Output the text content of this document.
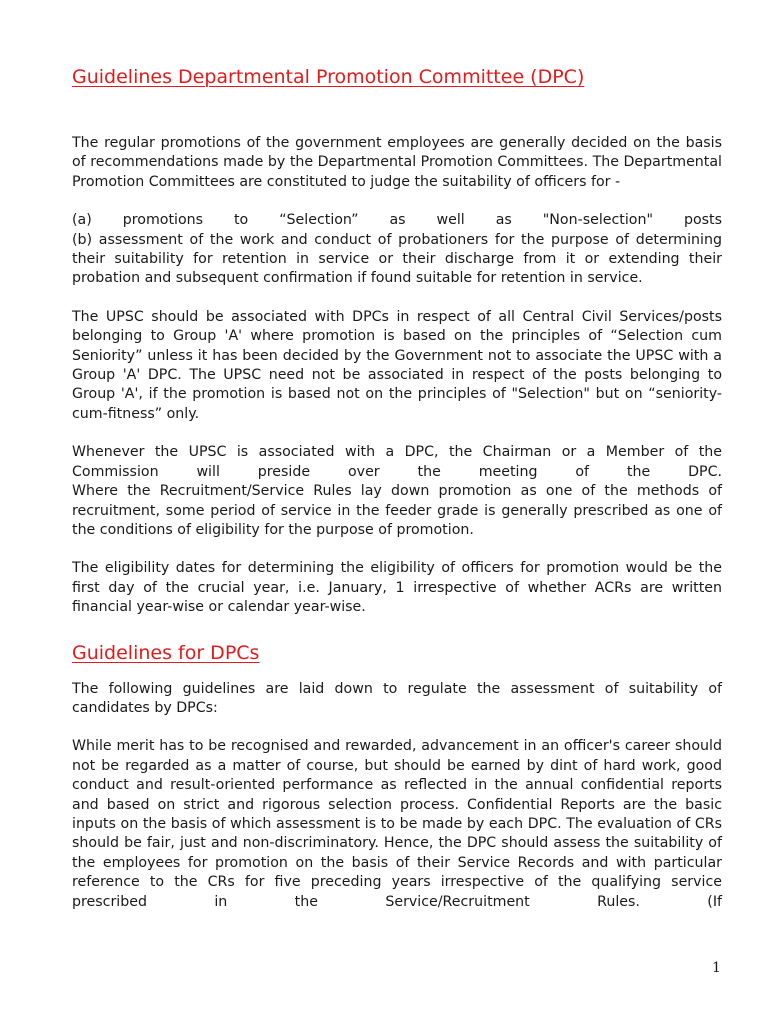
Guidelines Departmental Promotion Committee (DPC)

The regular promotions of the government employees are generally decided on the basis of recommendations made by the Departmental Promotion Committees. The Departmental Promotion Committees are constituted to judge the suitability of officers for -

(a) promotions to “Selection” as well as "Non-selection" posts

(b) assessment of the work and conduct of probationers for the purpose of determining their suitability for retention in service or their discharge from it or extending their probation and subsequent confirmation if found suitable for retention in service.

The UPSC should be associated with DPCs in respect of all Central Civil Services/posts belonging to Group 'A' where promotion is based on the principles of “Selection cum Seniority” unless it has been decided by the Government not to associate the UPSC with a Group 'A' DPC. The UPSC need not be associated in respect of the posts belonging to Group 'A', if the promotion is based not on the principles of "Selection" but on “seniority-cum-fitness” only.

Whenever the UPSC is associated with a DPC, the Chairman or a Member of the Commission will preside over the meeting of the DPC.

Where the Recruitment/Service Rules lay down promotion as one of the methods of recruitment, some period of service in the feeder grade is generally prescribed as one of the conditions of eligibility for the purpose of promotion.

The eligibility dates for determining the eligibility of officers for promotion would be the first day of the crucial year, i.e. January, 1 irrespective of whether ACRs are written financial year-wise or calendar year-wise.

Guidelines for DPCs

The following guidelines are laid down to regulate the assessment of suitability of candidates by DPCs:

While merit has to be recognised and rewarded, advancement in an officer's career should not be regarded as a matter of course, but should be earned by dint of hard work, good conduct and result-oriented performance as reflected in the annual confidential reports and based on strict and rigorous selection process. Confidential Reports are the basic inputs on the basis of which assessment is to be made by each DPC. The evaluation of CRs should be fair, just and non-discriminatory. Hence, the DPC should assess the suitability of the employees for promotion on the basis of their Service Records and with particular reference to the CRs for five preceding years irrespective of the qualifying service prescribed in the Service/Recruitment Rules. (If

1
